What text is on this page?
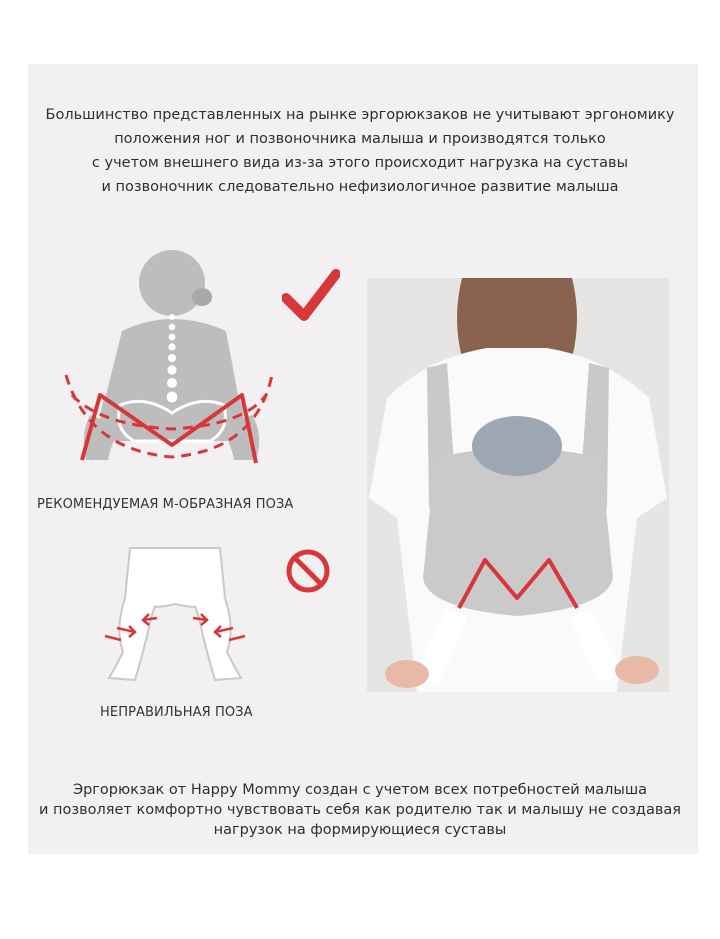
Большинство представленных на рынке эргорюкзаков не учитывают эргономику
положения ног и позвоночника малыша и производятся только
с учетом внешнего вида из-за этого происходит нагрузка на суставы
и позвоночник следовательно нефизиологичное развитие малыша
РЕКОМЕНДУЕМАЯ М-ОБРАЗНАЯ ПОЗА
НЕПРАВИЛЬНАЯ ПОЗА
Эргорюкзак от Happy Mommy создан с учетом всех потребностей малыша
и позволяет комфортно чувствовать себя как родителю так и малышу не создавая
нагрузок на формирующиеся суставы
